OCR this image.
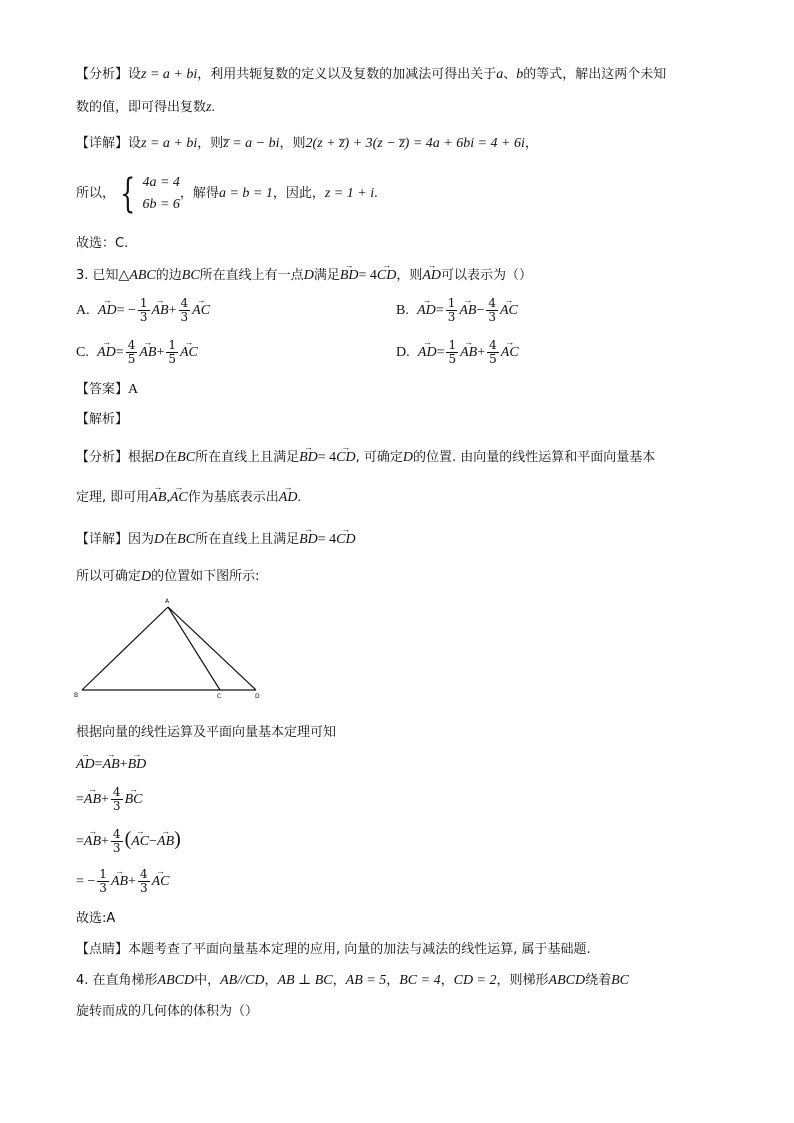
【分析】设z = a + bi，利用共轭复数的定义以及复数的加减法可得出关于a、b的等式，解出这两个未知
数的值，即可得出复数z.
【详解】设z = a + bi，则z̅ = a − bi，则2(z + z̅) + 3(z − z̅) = 4a + 6bi = 4 + 6i，
所以， { 4a = 4
6b = 6
，解得a = b = 1，因此，z = 1 + i.
故选：C.
3. 已知△ABC的边BC所在直线上有一点D满足→ BD= 4→ CD，则→ AD可以表示为（）
A.  → $AD= - \frac{1}{3}$
→ $AB+ \frac{4}{3}$
→ AC	B.  → $AD= \frac{1}{3}$
→ $AB- \frac{4}{3}$
→ AC
C.  → $AD= \frac{4}{5}$
→ $AB+ \frac{1}{5}$
→ AC	D.  → $AD= \frac{1}{5}$
→ $AB+ \frac{4}{5}$
→ AC
【答案】A
【解析】
【分析】根据D在BC所在直线上且满足→ BD= 4→ CD, 可确定D的位置. 由向量的线性运算和平面向量基本
定理, 即可用→ AB,→ AC作为基底表示出→ AD.
【详解】因为D在BC所在直线上且满足→ BD= 4→ CD
所以可确定D的位置如下图所示:
A
B	C	D
根据向量的线性运算及平面向量基本定理可知
→ AD=→ AB+→ BD
=→ $AB+ \frac{4}{3}$
→ BC
=→ $AB+ \frac{4}{3}$ (→ AC−→ AB)
= − $\frac{1}{3}$
→ $AB+ \frac{4}{3}$
→ AC
故选:A
【点睛】本题考查了平面向量基本定理的应用, 向量的加法与减法的线性运算, 属于基础题.
4. 在直角梯形ABCD中，AB//CD，AB ⊥ BC，AB = 5，BC = 4，CD = 2，则梯形ABCD绕着BC
旋转而成的几何体的体积为（）
